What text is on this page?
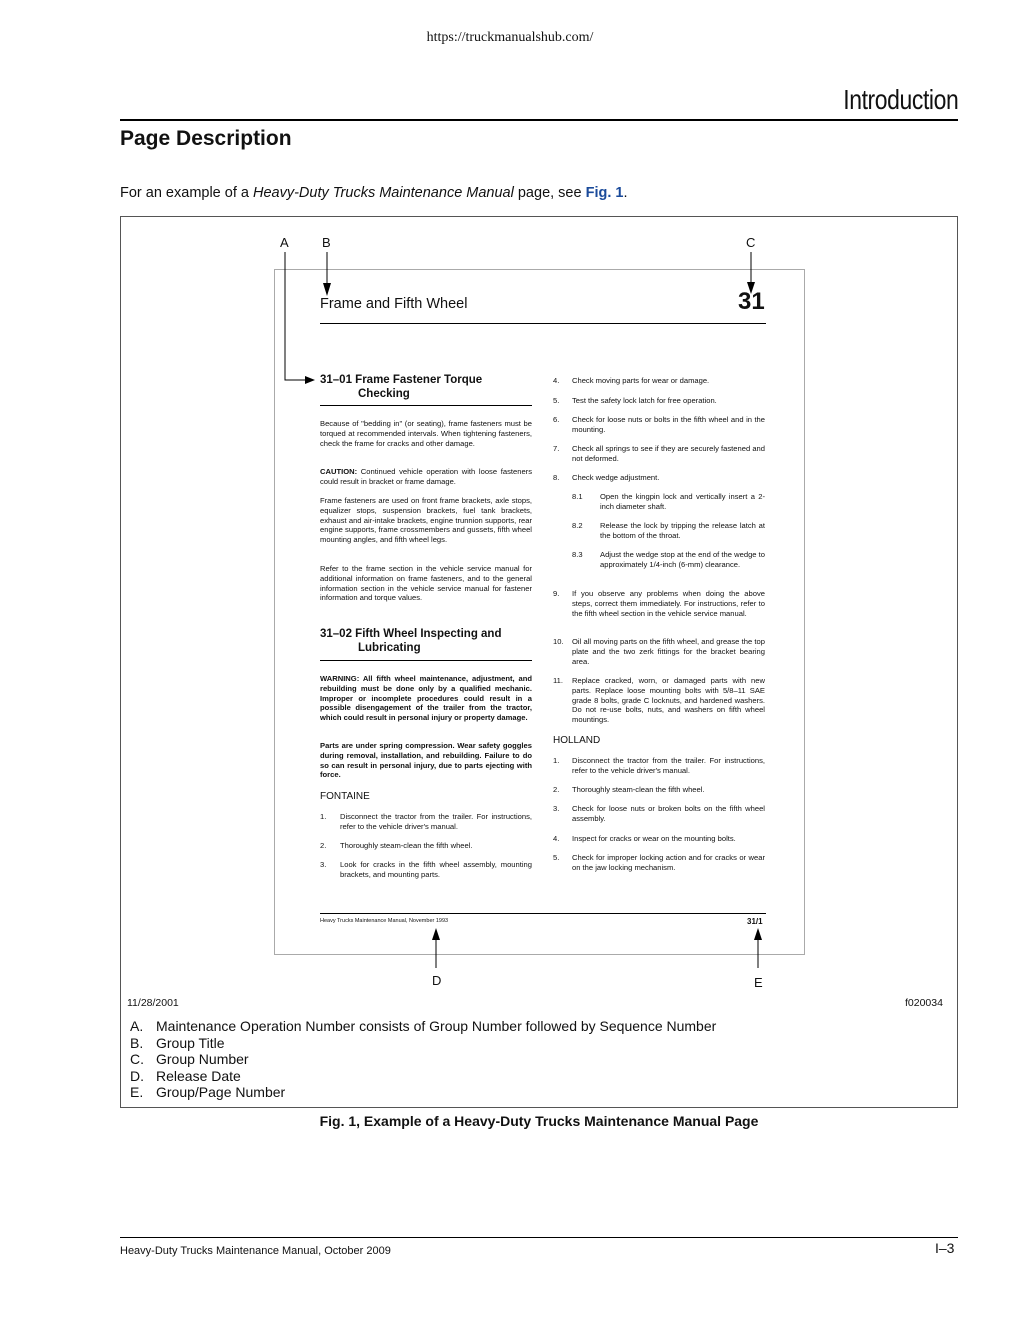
https://truckmanualshub.com/
Introduction
Page Description
For an example of a Heavy-Duty Trucks Maintenance Manual page, see Fig. 1.
A	B	C
D	E
Frame and Fifth Wheel	31
31–01 Frame Fastener Torque
Checking
Because of "bedding in" (or seating), frame fasteners must be torqued at recommended intervals. When tightening fasteners, check the frame for cracks and other damage.
CAUTION: Continued vehicle operation with loose fasteners could result in bracket or frame damage.
Frame fasteners are used on front frame brackets, axle stops, equalizer stops, suspension brackets, fuel tank brackets, exhaust and air-intake brackets, engine trunnion supports, rear engine supports, frame crossmembers and gussets, fifth wheel mounting angles, and fifth wheel legs.
Refer to the frame section in the vehicle service manual for additional information on frame fasteners, and to the general information section in the vehicle service manual for fastener information and torque values.
31–02 Fifth Wheel Inspecting and
Lubricating
WARNING: All fifth wheel maintenance, adjustment, and rebuilding must be done only by a qualified mechanic. Improper or incomplete procedures could result in a possible disengagement of the trailer from the tractor, which could result in personal injury or property damage.
Parts are under spring compression. Wear safety goggles during removal, installation, and rebuilding. Failure to do so can result in personal injury, due to parts ejecting with force.
FONTAINE
1. Disconnect the tractor from the trailer. For instructions, refer to the vehicle driver's manual.
2. Thoroughly steam-clean the fifth wheel.
3. Look for cracks in the fifth wheel assembly, mounting brackets, and mounting parts.
4. Check moving parts for wear or damage.
5. Test the safety lock latch for free operation.
6. Check for loose nuts or bolts in the fifth wheel and in the mounting.
7. Check all springs to see if they are securely fastened and not deformed.
8. Check wedge adjustment.
8.1 Open the kingpin lock and vertically insert a 2-inch diameter shaft.
8.2 Release the lock by tripping the release latch at the bottom of the throat.
8.3 Adjust the wedge stop at the end of the wedge to approximately 1/4-inch (6-mm) clearance.
9. If you observe any problems when doing the above steps, correct them immediately. For instructions, refer to the fifth wheel section in the vehicle service manual.
10. Oil all moving parts on the fifth wheel, and grease the top plate and the two zerk fittings for the bracket bearing area.
11. Replace cracked, worn, or damaged parts with new parts. Replace loose mounting bolts with 5/8–11 SAE grade 8 bolts, grade C locknuts, and hardened washers. Do not re-use bolts, nuts, and washers on fifth wheel mountings.
HOLLAND
1. Disconnect the tractor from the trailer. For instructions, refer to the vehicle driver's manual.
2. Thoroughly steam-clean the fifth wheel.
3. Check for loose nuts or broken bolts on the fifth wheel assembly.
4. Inspect for cracks or wear on the mounting bolts.
5. Check for improper locking action and for cracks or wear on the jaw locking mechanism.
Heavy Trucks Maintenance Manual, November 1993	31/1
11/28/2001	f020034
A. Maintenance Operation Number consists of Group Number followed by Sequence Number
B. Group Title
C. Group Number
D. Release Date
E. Group/Page Number
Fig. 1, Example of a Heavy-Duty Trucks Maintenance Manual Page
Heavy-Duty Trucks Maintenance Manual, October 2009	I–3
